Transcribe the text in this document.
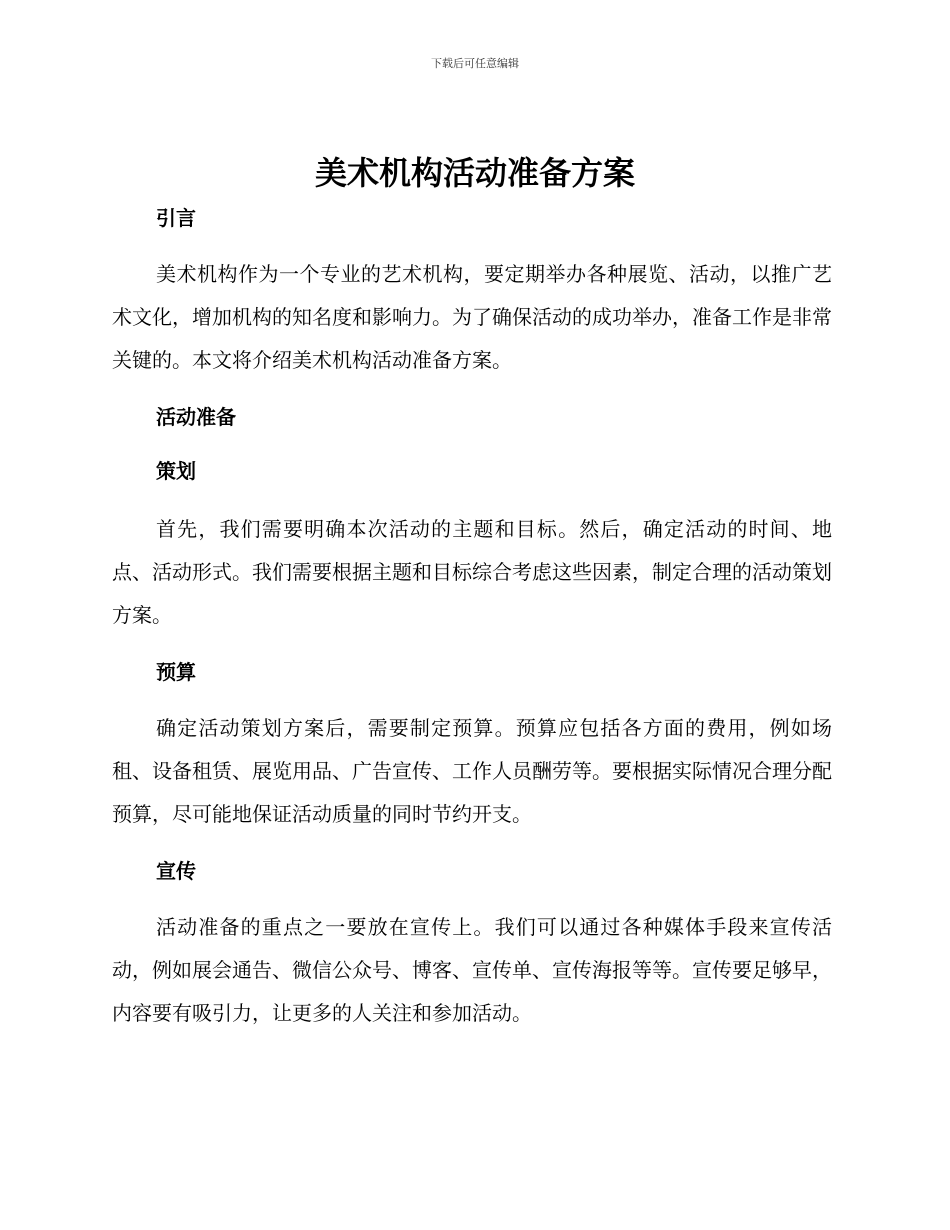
下载后可任意编辑
美术机构活动准备方案
引言

美术机构作为一个专业的艺术机构，要定期举办各种展览、活动，以推广艺术文化，增加机构的知名度和影响力。为了确保活动的成功举办，准备工作是非常关键的。本文将介绍美术机构活动准备方案。

活动准备
策划

首先，我们需要明确本次活动的主题和目标。然后，确定活动的时间、地点、活动形式。我们需要根据主题和目标综合考虑这些因素，制定合理的活动策划方案。

预算

确定活动策划方案后，需要制定预算。预算应包括各方面的费用，例如场租、设备租赁、展览用品、广告宣传、工作人员酬劳等。要根据实际情况合理分配预算，尽可能地保证活动质量的同时节约开支。

宣传

活动准备的重点之一要放在宣传上。我们可以通过各种媒体手段来宣传活动，例如展会通告、微信公众号、博客、宣传单、宣传海报等等。宣传要足够早，内容要有吸引力，让更多的人关注和参加活动。
